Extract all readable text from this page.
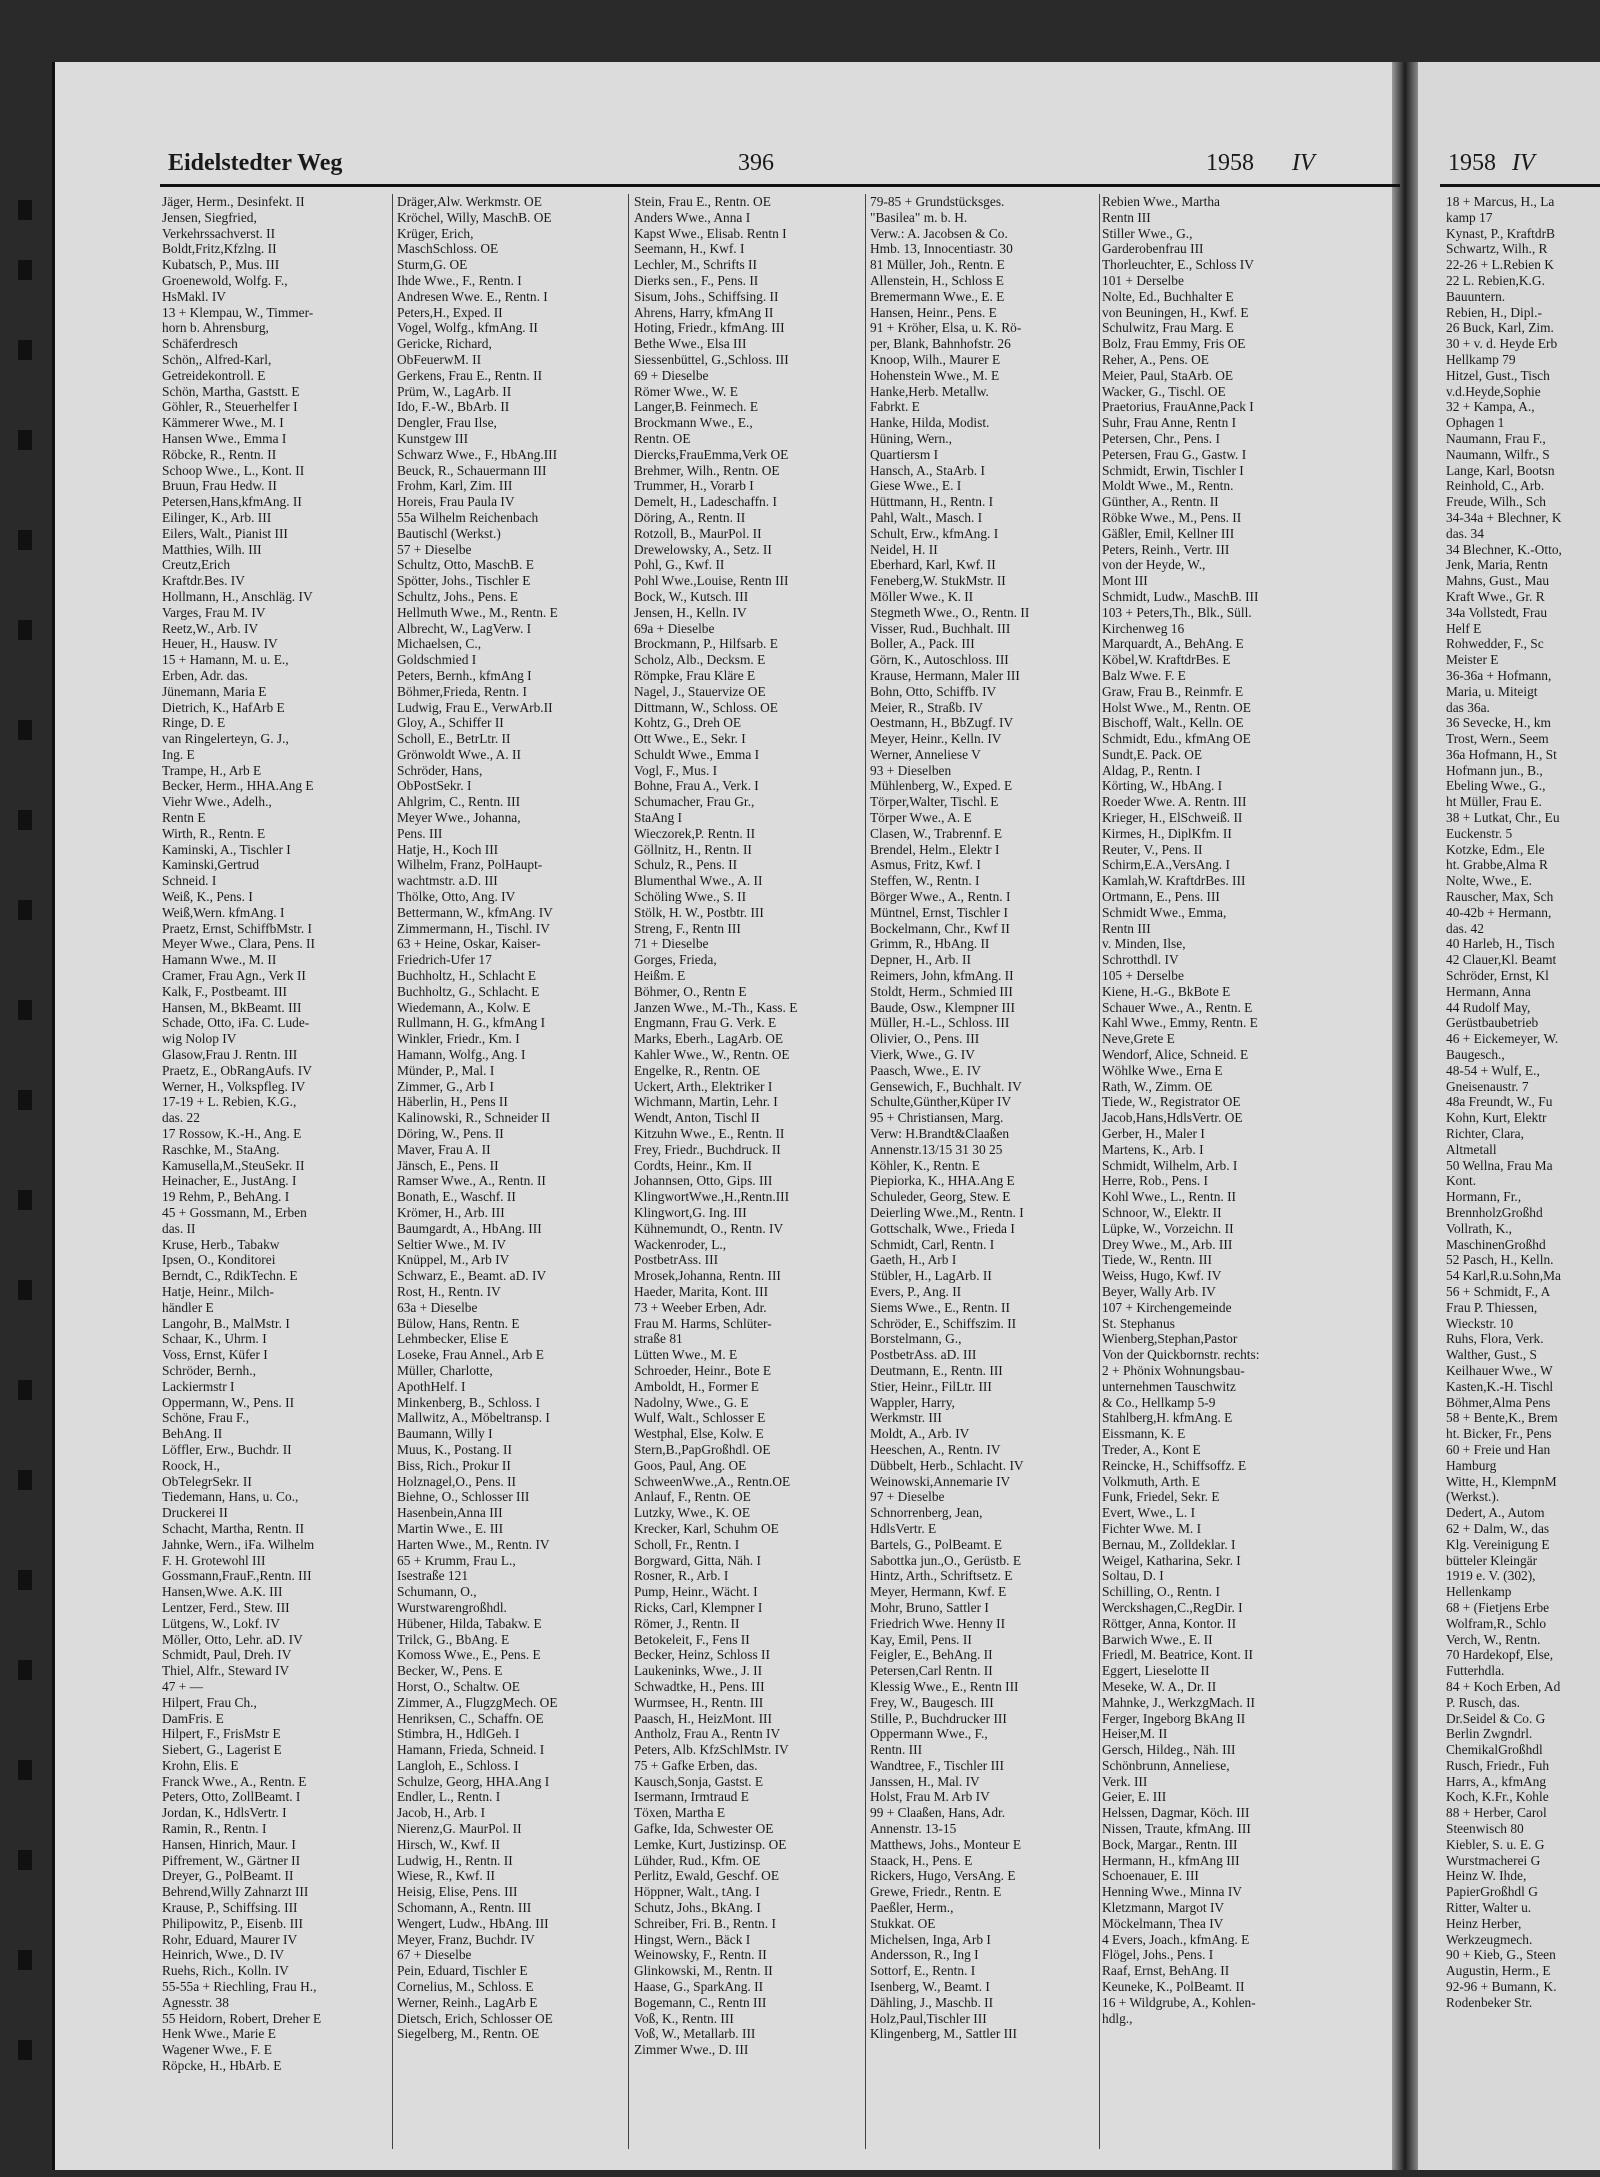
Eidelstedter Weg	396	1958 IV
Jäger, Herm., Desinfekt. II
Jensen, Siegfried,
Verkehrssachverst. II
Boldt,Fritz,Kfzlng. II
Kubatsch, P., Mus. III
Groenewold, Wolfg. F.,
HsMakl. IV
13 + Klempau, W., Timmer-
horn b. Ahrensburg,
Schäferdresch
Schön,, Alfred-Karl,
Getreidekontroll. E
Schön, Martha, Gaststt. E
Göhler, R., Steuerhelfer I
Kämmerer Wwe., M. I
Hansen Wwe., Emma I
Röbcke, R., Rentn. II
Schoop Wwe., L., Kont. II
Bruun, Frau Hedw. II
Petersen,Hans,kfmAng. II
Eilinger, K., Arb. III
Eilers, Walt., Pianist III
Matthies, Wilh. III
Creutz,Erich
Kraftdr.Bes. IV
Hollmann, H., Anschläg. IV
Varges, Frau M. IV
Reetz,W., Arb. IV
Heuer, H., Hausw. IV
15 + Hamann, M. u. E.,
Erben, Adr. das.
Jünemann, Maria E
Dietrich, K., HafArb E
Ringe, D. E
van Ringelerteyn, G. J.,
Ing. E
Trampe, H., Arb E
Becker, Herm., HHA.Ang E
Viehr Wwe., Adelh.,
Rentn E
Wirth, R., Rentn. E
Kaminski, A., Tischler I
Kaminski,Gertrud
Schneid. I
Weiß, K., Pens. I
Weiß,Wern. kfmAng. I
Praetz, Ernst, SchiffbMstr. I
Meyer Wwe., Clara, Pens. II
Hamann Wwe., M. II
Cramer, Frau Agn., Verk II
Kalk, F., Postbeamt. III
Hansen, M., BkBeamt. III
Schade, Otto, iFa. C. Lude-
wig Nolop IV
Glasow,Frau J. Rentn. III
Praetz, E., ObRangAufs. IV
Werner, H., Volkspfleg. IV
17-19 + L. Rebien, K.G.,
das. 22
17 Rossow, K.-H., Ang. E
Raschke, M., StaAng.
Kamusella,M.,SteuSekr. II
Heinacher, E., JustAng. I
19 Rehm, P., BehAng. I
45 + Gossmann, M., Erben
das. II
Kruse, Herb., Tabakw
Ipsen, O., Konditorei
Berndt, C., RdikTechn. E
Hatje, Heinr., Milch-
händler E
Langohr, B., MalMstr. I
Schaar, K., Uhrm. I
Voss, Ernst, Küfer I
Schröder, Bernh.,
Lackiermstr I
Oppermann, W., Pens. II
Schöne, Frau F.,
BehAng. II
Löffler, Erw., Buchdr. II
Roock, H.,
ObTelegrSekr. II
Tiedemann, Hans, u. Co.,
Druckerei II
Schacht, Martha, Rentn. II
Jahnke, Wern., iFa. Wilhelm
F. H. Grotewohl III
Gossmann,FrauF.,Rentn. III
Hansen,Wwe. A.K. III
Lentzer, Ferd., Stew. III
Lütgens, W., Lokf. IV
Möller, Otto, Lehr. aD. IV
Schmidt, Paul, Dreh. IV
Thiel, Alfr., Steward IV
47 + —
Hilpert, Frau Ch.,
DamFris. E
Hilpert, F., FrisMstr E
Siebert, G., Lagerist E
Krohn, Elis. E
Franck Wwe., A., Rentn. E
Peters, Otto, ZollBeamt. I
Jordan, K., HdlsVertr. I
Ramin, R., Rentn. I
Hansen, Hinrich, Maur. I
Piffrement, W., Gärtner II
Dreyer, G., PolBeamt. II
Behrend,Willy Zahnarzt III
Krause, P., Schiffsing. III
Philipowitz, P., Eisenb. III
Rohr, Eduard, Maurer IV
Heinrich, Wwe., D. IV
Ruehs, Rich., Kolln. IV
55-55a + Riechling, Frau H.,
Agnesstr. 38
55 Heidorn, Robert, Dreher E
Henk Wwe., Marie E
Wagener Wwe., F. E
Röpcke, H., HbArb. E
Dräger,Alw. Werkmstr. OE
Kröchel, Willy, MaschB. OE
Krüger, Erich,
MaschSchloss. OE
Sturm,G. OE
Ihde Wwe., F., Rentn. I
Andresen Wwe. E., Rentn. I
Peters,H., Exped. II
Vogel, Wolfg., kfmAng. II
Gericke, Richard,
ObFeuerwM. II
Gerkens, Frau E., Rentn. II
Prüm, W., LagArb. II
Ido, F.-W., BbArb. II
Dengler, Frau Ilse,
Kunstgew III
Schwarz Wwe., F., HbAng.III
Beuck, R., Schauermann III
Frohm, Karl, Zim. III
Horeis, Frau Paula IV
55a Wilhelm Reichenbach
Bautischl (Werkst.)
57 + Dieselbe
Schultz, Otto, MaschB. E
Spötter, Johs., Tischler E
Schultz, Johs., Pens. E
Hellmuth Wwe., M., Rentn. E
Albrecht, W., LagVerw. I
Michaelsen, C.,
Goldschmied I
Peters, Bernh., kfmAng I
Böhmer,Frieda, Rentn. I
Ludwig, Frau E., VerwArb.II
Gloy, A., Schiffer II
Scholl, E., BetrLtr. II
Grönwoldt Wwe., A. II
Schröder, Hans,
ObPostSekr. I
Ahlgrim, C., Rentn. III
Meyer Wwe., Johanna,
Pens. III
Hatje, H., Koch III
Wilhelm, Franz, PolHaupt-
wachtmstr. a.D. III
Thölke, Otto, Ang. IV
Bettermann, W., kfmAng. IV
Zimmermann, H., Tischl. IV
63 + Heine, Oskar, Kaiser-
Friedrich-Ufer 17
Buchholtz, H., Schlacht E
Buchholtz, G., Schlacht. E
Wiedemann, A., Kolw. E
Rullmann, H. G., kfmAng I
Winkler, Friedr., Km. I
Hamann, Wolfg., Ang. I
Münder, P., Mal. I
Zimmer, G., Arb I
Häberlin, H., Pens II
Kalinowski, R., Schneider II
Döring, W., Pens. II
Maver, Frau A. II
Jänsch, E., Pens. II
Ramser Wwe., A., Rentn. II
Bonath, E., Waschf. II
Krömer, H., Arb. III
Baumgardt, A., HbAng. III
Seltier Wwe., M. IV
Knüppel, M., Arb IV
Schwarz, E., Beamt. aD. IV
Rost, H., Rentn. IV
63a + Dieselbe
Bülow, Hans, Rentn. E
Lehmbecker, Elise E
Loseke, Frau Annel., Arb E
Müller, Charlotte,
ApothHelf. I
Minkenberg, B., Schloss. I
Mallwitz, A., Möbeltransp. I
Baumann, Willy I
Muus, K., Postang. II
Biss, Rich., Prokur II
Holznagel,O., Pens. II
Biehne, O., Schlosser III
Hasenbein,Anna III
Martin Wwe., E. III
Harten Wwe., M., Rentn. IV
65 + Krumm, Frau L.,
Isestraße 121
Schumann, O.,
Wurstwarengroßhdl.
Hübener, Hilda, Tabakw. E
Trilck, G., BbAng. E
Komoss Wwe., E., Pens. E
Becker, W., Pens. E
Horst, O., Schaltw. OE
Zimmer, A., FlugzgMech. OE
Henriksen, C., Schaffn. OE
Stimbra, H., HdlGeh. I
Hamann, Frieda, Schneid. I
Langloh, E., Schloss. I
Schulze, Georg, HHA.Ang I
Endler, L., Rentn. I
Jacob, H., Arb. I
Nierenz,G. MaurPol. II
Hirsch, W., Kwf. II
Ludwig, H., Rentn. II
Wiese, R., Kwf. II
Heisig, Elise, Pens. III
Schomann, A., Rentn. III
Wengert, Ludw., HbAng. III
Meyer, Franz, Buchdr. IV
67 + Dieselbe
Pein, Eduard, Tischler E
Cornelius, M., Schloss. E
Werner, Reinh., LagArb E
Dietsch, Erich, Schlosser OE
Siegelberg, M., Rentn. OE
Stein, Frau E., Rentn. OE
Anders Wwe., Anna I
Kapst Wwe., Elisab. Rentn I
Seemann, H., Kwf. I
Lechler, M., Schrifts II
Dierks sen., F., Pens. II
Sisum, Johs., Schiffsing. II
Ahrens, Harry, kfmAng II
Hoting, Friedr., kfmAng. III
Bethe Wwe., Elsa III
Siessenbüttel, G.,Schloss. III
69 + Dieselbe
Römer Wwe., W. E
Langer,B. Feinmech. E
Brockmann Wwe., E.,
Rentn. OE
Diercks,FrauEmma,Verk OE
Brehmer, Wilh., Rentn. OE
Trummer, H., Vorarb I
Demelt, H., Ladeschaffn. I
Döring, A., Rentn. II
Rotzoll, B., MaurPol. II
Drewelowsky, A., Setz. II
Pohl, G., Kwf. II
Pohl Wwe.,Louise, Rentn III
Bock, W., Kutsch. III
Jensen, H., Kelln. IV
69a + Dieselbe
Brockmann, P., Hilfsarb. E
Scholz, Alb., Decksm. E
Römpke, Frau Kläre E
Nagel, J., Stauervize OE
Dittmann, W., Schloss. OE
Kohtz, G., Dreh OE
Ott Wwe., E., Sekr. I
Schuldt Wwe., Emma I
Vogl, F., Mus. I
Bohne, Frau A., Verk. I
Schumacher, Frau Gr.,
StaAng I
Wieczorek,P. Rentn. II
Göllnitz, H., Rentn. II
Schulz, R., Pens. II
Blumenthal Wwe., A. II
Schöling Wwe., S. II
Stölk, H. W., Postbtr. III
Streng, F., Rentn III
71 + Dieselbe
Gorges, Frieda,
Heißm. E
Böhmer, O., Rentn E
Janzen Wwe., M.-Th., Kass. E
Engmann, Frau G. Verk. E
Marks, Eberh., LagArb. OE
Kahler Wwe., W., Rentn. OE
Engelke, R., Rentn. OE
Uckert, Arth., Elektriker I
Wichmann, Martin, Lehr. I
Wendt, Anton, Tischl II
Kitzuhn Wwe., E., Rentn. II
Frey, Friedr., Buchdruck. II
Cordts, Heinr., Km. II
Johannsen, Otto, Gips. III
KlingwortWwe.,H.,Rentn.III
Klingwort,G. Ing. III
Kühnemundt, O., Rentn. IV
Wackenroder, L.,
PostbetrAss. III
Mrosek,Johanna, Rentn. III
Haeder, Marita, Kont. III
73 + Weeber Erben, Adr.
Frau M. Harms, Schlüter-
straße 81
Lütten Wwe., M. E
Schroeder, Heinr., Bote E
Amboldt, H., Former E
Nadolny, Wwe., G. E
Wulf, Walt., Schlosser E
Westphal, Else, Kolw. E
Stern,B.,PapGroßhdl. OE
Goos, Paul, Ang. OE
SchweenWwe.,A., Rentn.OE
Anlauf, F., Rentn. OE
Lutzky, Wwe., K. OE
Krecker, Karl, Schuhm OE
Scholl, Fr., Rentn. I
Borgward, Gitta, Näh. I
Rosner, R., Arb. I
Pump, Heinr., Wächt. I
Ricks, Carl, Klempner I
Römer, J., Rentn. II
Betokeleit, F., Fens II
Becker, Heinz, Schloss II
Laukeninks, Wwe., J. II
Schwadtke, H., Pens. III
Wurmsee, H., Rentn. III
Paasch, H., HeizMont. III
Antholz, Frau A., Rentn IV
Peters, Alb. KfzSchlMstr. IV
75 + Gafke Erben, das.
Kausch,Sonja, Gastst. E
Isermann, Irmtraud E
Töxen, Martha E
Gafke, Ida, Schwester OE
Lemke, Kurt, Justizinsp. OE
Lühder, Rud., Kfm. OE
Perlitz, Ewald, Geschf. OE
Höppner, Walt., tAng. I
Schutz, Johs., BkAng. I
Schreiber, Fri. B., Rentn. I
Hingst, Wern., Bäck I
Weinowsky, F., Rentn. II
Glinkowski, M., Rentn. II
Haase, G., SparkAng. II
Bogemann, C., Rentn III
Voß, K., Rentn. III
Voß, W., Metallarb. III
Zimmer Wwe., D. III
79-85 + Grundstücksges.
"Basilea" m. b. H.
Verw.: A. Jacobsen & Co.
Hmb. 13, Innocentiastr. 30
81 Müller, Joh., Rentn. E
Allenstein, H., Schloss E
Bremermann Wwe., E. E
Hansen, Heinr., Pens. E
91 + Kröher, Elsa, u. K. Rö-
per, Blank, Bahnhofstr. 26
Knoop, Wilh., Maurer E
Hohenstein Wwe., M. E
Hanke,Herb. Metallw.
Fabrkt. E
Hanke, Hilda, Modist.
Hüning, Wern.,
Quartiersm I
Hansch, A., StaArb. I
Giese Wwe., E. I
Hüttmann, H., Rentn. I
Pahl, Walt., Masch. I
Schult, Erw., kfmAng. I
Neidel, H. II
Eberhard, Karl, Kwf. II
Feneberg,W. StukMstr. II
Möller Wwe., K. II
Stegmeth Wwe., O., Rentn. II
Visser, Rud., Buchhalt. III
Boller, A., Pack. III
Görn, K., Autoschloss. III
Krause, Hermann, Maler III
Bohn, Otto, Schiffb. IV
Meier, R., Straßb. IV
Oestmann, H., BbZugf. IV
Meyer, Heinr., Kelln. IV
Werner, Anneliese V
93 + Dieselben
Mühlenberg, W., Exped. E
Törper,Walter, Tischl. E
Törper Wwe., A. E
Clasen, W., Trabrennf. E
Brendel, Helm., Elektr I
Asmus, Fritz, Kwf. I
Steffen, W., Rentn. I
Börger Wwe., A., Rentn. I
Müntnel, Ernst, Tischler I
Bockelmann, Chr., Kwf II
Grimm, R., HbAng. II
Depner, H., Arb. II
Reimers, John, kfmAng. II
Stoldt, Herm., Schmied III
Baude, Osw., Klempner III
Müller, H.-L., Schloss. III
Olivier, O., Pens. III
Vierk, Wwe., G. IV
Paasch, Wwe., E. IV
Gensewich, F., Buchhalt. IV
Schulte,Günther,Küper IV
95 + Christiansen, Marg.
Verw: H.Brandt&Claaßen
Annenstr.13/15 31 30 25
Köhler, K., Rentn. E
Piepiorka, K., HHA.Ang E
Schuleder, Georg, Stew. E
Deierling Wwe.,M., Rentn. I
Gottschalk, Wwe., Frieda I
Schmidt, Carl, Rentn. I
Gaeth, H., Arb I
Stübler, H., LagArb. II
Evers, P., Ang. II
Siems Wwe., E., Rentn. II
Schröder, E., Schiffszim. II
Borstelmann, G.,
PostbetrAss. aD. III
Deutmann, E., Rentn. III
Stier, Heinr., FilLtr. III
Wappler, Harry,
Werkmstr. III
Moldt, A., Arb. IV
Heeschen, A., Rentn. IV
Dübbelt, Herb., Schlacht. IV
Weinowski,Annemarie IV
97 + Dieselbe
Schnorrenberg, Jean,
HdlsVertr. E
Bartels, G., PolBeamt. E
Sabottka jun.,O., Gerüstb. E
Hintz, Arth., Schriftsetz. E
Meyer, Hermann, Kwf. E
Mohr, Bruno, Sattler I
Friedrich Wwe. Henny II
Kay, Emil, Pens. II
Feigler, E., BehAng. II
Petersen,Carl Rentn. II
Klessig Wwe., E., Rentn III
Frey, W., Baugesch. III
Stille, P., Buchdrucker III
Oppermann Wwe., F.,
Rentn. III
Wandtree, F., Tischler III
Janssen, H., Mal. IV
Holst, Frau M. Arb IV
99 + Claaßen, Hans, Adr.
Annenstr. 13-15
Matthews, Johs., Monteur E
Staack, H., Pens. E
Rickers, Hugo, VersAng. E
Grewe, Friedr., Rentn. E
Paeßler, Herm.,
Stukkat. OE
Michelsen, Inga, Arb I
Andersson, R., Ing I
Sottorf, E., Rentn. I
Isenberg, W., Beamt. I
Dähling, J., Maschb. II
Holz,Paul,Tischler III
Klingenberg, M., Sattler III
Rebien Wwe., Martha
Rentn III
Stiller Wwe., G.,
Garderobenfrau III
Thorleuchter, E., Schloss IV
101 + Derselbe
Nolte, Ed., Buchhalter E
von Beuningen, H., Kwf. E
Schulwitz, Frau Marg. E
Bolz, Frau Emmy, Fris OE
Reher, A., Pens. OE
Meier, Paul, StaArb. OE
Wacker, G., Tischl. OE
Praetorius, FrauAnne,Pack I
Suhr, Frau Anne, Rentn I
Petersen, Chr., Pens. I
Petersen, Frau G., Gastw. I
Schmidt, Erwin, Tischler I
Moldt Wwe., M., Rentn.
Günther, A., Rentn. II
Röbke Wwe., M., Pens. II
Gäßler, Emil, Kellner III
Peters, Reinh., Vertr. III
von der Heyde, W.,
Mont III
Schmidt, Ludw., MaschB. III
103 + Peters,Th., Blk., Süll.
Kirchenweg 16
Marquardt, A., BehAng. E
Köbel,W. KraftdrBes. E
Balz Wwe. F. E
Graw, Frau B., Reinmfr. E
Holst Wwe., M., Rentn. OE
Bischoff, Walt., Kelln. OE
Schmidt, Edu., kfmAng OE
Sundt,E. Pack. OE
Aldag, P., Rentn. I
Körting, W., HbAng. I
Roeder Wwe. A. Rentn. III
Krieger, H., ElSchweiß. II
Kirmes, H., DiplKfm. II
Reuter, V., Pens. II
Schirm,E.A.,VersAng. I
Kamlah,W. KraftdrBes. III
Ortmann, E., Pens. III
Schmidt Wwe., Emma,
Rentn III
v. Minden, Ilse,
Schrotthdl. IV
105 + Derselbe
Kiene, H.-G., BkBote E
Schauer Wwe., A., Rentn. E
Kahl Wwe., Emmy, Rentn. E
Neve,Grete E
Wendorf, Alice, Schneid. E
Wöhlke Wwe., Erna E
Rath, W., Zimm. OE
Tiede, W., Registrator OE
Jacob,Hans,HdlsVertr. OE
Gerber, H., Maler I
Martens, K., Arb. I
Schmidt, Wilhelm, Arb. I
Herre, Rob., Pens. I
Kohl Wwe., L., Rentn. II
Schnoor, W., Elektr. II
Lüpke, W., Vorzeichn. II
Drey Wwe., M., Arb. III
Tiede, W., Rentn. III
Weiss, Hugo, Kwf. IV
Beyer, Wally Arb. IV
107 + Kirchengemeinde
St. Stephanus
Wienberg,Stephan,Pastor
Von der Quickbornstr. rechts:
2 + Phönix Wohnungsbau-
unternehmen Tauschwitz
& Co., Hellkamp 5-9
Stahlberg,H. kfmAng. E
Eissmann, K. E
Treder, A., Kont E
Reincke, H., Schiffsoffz. E
Volkmuth, Arth. E
Funk, Friedel, Sekr. E
Evert, Wwe., L. I
Fichter Wwe. M. I
Bernau, M., Zolldeklar. I
Weigel, Katharina, Sekr. I
Soltau, D. I
Schilling, O., Rentn. I
Werckshagen,C.,RegDir. I
Röttger, Anna, Kontor. II
Barwich Wwe., E. II
Friedl, M. Beatrice, Kont. II
Eggert, Lieselotte II
Meseke, W. A., Dr. II
Mahnke, J., WerkzgMach. II
Ferger, Ingeborg BkAng II
Heiser,M. II
Gersch, Hildeg., Näh. III
Schönbrunn, Anneliese,
Verk. III
Geier, E. III
Helssen, Dagmar, Köch. III
Nissen, Traute, kfmAng. III
Bock, Margar., Rentn. III
Hermann, H., kfmAng III
Schoenauer, E. III
Henning Wwe., Minna IV
Kletzmann, Margot IV
Möckelmann, Thea IV
4 Evers, Joach., kfmAng. E
Flögel, Johs., Pens. I
Raaf, Ernst, BehAng. II
Keuneke, K., PolBeamt. II
16 + Wildgrube, A., Kohlen-
hdlg.,
1958 IV
18 + Marcus, H., La
kamp 17
Kynast, P., KraftdrB
Schwartz, Wilh., R
22-26 + L.Rebien K
22 L. Rebien,K.G.
Bauuntern.
Rebien, H., Dipl.-
26 Buck, Karl, Zim.
30 + v. d. Heyde Erb
Hellkamp 79
Hitzel, Gust., Tisch
v.d.Heyde,Sophie
32 + Kampa, A.,
Ophagen 1
Naumann, Frau F.,
Naumann, Wilfr., S
Lange, Karl, Bootsn
Reinhold, C., Arb.
Freude, Wilh., Sch
34-34a + Blechner, K
das. 34
34 Blechner, K.-Otto,
Jenk, Maria, Rentn
Mahns, Gust., Mau
Kraft Wwe., Gr. R
34a Vollstedt, Frau
Helf E
Rohwedder, F., Sc
Meister E
36-36a + Hofmann,
Maria, u. Miteigt
das 36a.
36 Sevecke, H., km
Trost, Wern., Seem
36a Hofmann, H., St
Hofmann jun., B.,
Ebeling Wwe., G.,
ht Müller, Frau E.
38 + Lutkat, Chr., Eu
Euckenstr. 5
Kotzke, Edm., Ele
ht. Grabbe,Alma R
Nolte, Wwe., E.
Rauscher, Max, Sch
40-42b + Hermann,
das. 42
40 Harleb, H., Tisch
42 Clauer,Kl. Beamt
Schröder, Ernst, Kl
Hermann, Anna
44 Rudolf May,
Gerüstbaubetrieb
46 + Eickemeyer, W.
Baugesch.,
48-54 + Wulf, E.,
Gneisenaustr. 7
48a Freundt, W., Fu
Kohn, Kurt, Elektr
Richter, Clara,
Altmetall
50 Wellna, Frau Ma
Kont.
Hormann, Fr.,
BrennholzGroßhd
Vollrath, K.,
MaschinenGroßhd
52 Pasch, H., Kelln.
54 Karl,R.u.Sohn,Ma
56 + Schmidt, F., A
Frau P. Thiessen,
Wieckstr. 10
Ruhs, Flora, Verk.
Walther, Gust., S
Keilhauer Wwe., W
Kasten,K.-H. Tischl
Böhmer,Alma Pens
58 + Bente,K., Brem
ht. Bicker, Fr., Pens
60 + Freie und Han
Hamburg
Witte, H., KlempnM
(Werkst.).
Dedert, A., Autom
62 + Dalm, W., das
Klg. Vereinigung E
bütteler Kleingär
1919 e. V. (302),
Hellenkamp
68 + (Fietjens Erbe
Wolfram,R., Schlo
Verch, W., Rentn.
70 Hardekopf, Else,
Futterhdla.
84 + Koch Erben, Ad
P. Rusch, das.
Dr.Seidel & Co. G
Berlin Zwgndrl.
ChemikalGroßhdl
Rusch, Friedr., Fuh
Harrs, A., kfmAng
Koch, K.Fr., Kohle
88 + Herber, Carol
Steenwisch 80
Kiebler, S. u. E. G
Wurstmacherei G
Heinz W. Ihde,
PapierGroßhdl G
Ritter, Walter u.
Heinz Herber,
Werkzeugmech.
90 + Kieb, G., Steen
Augustin, Herm., E
92-96 + Bumann, K.
Rodenbeker Str.
